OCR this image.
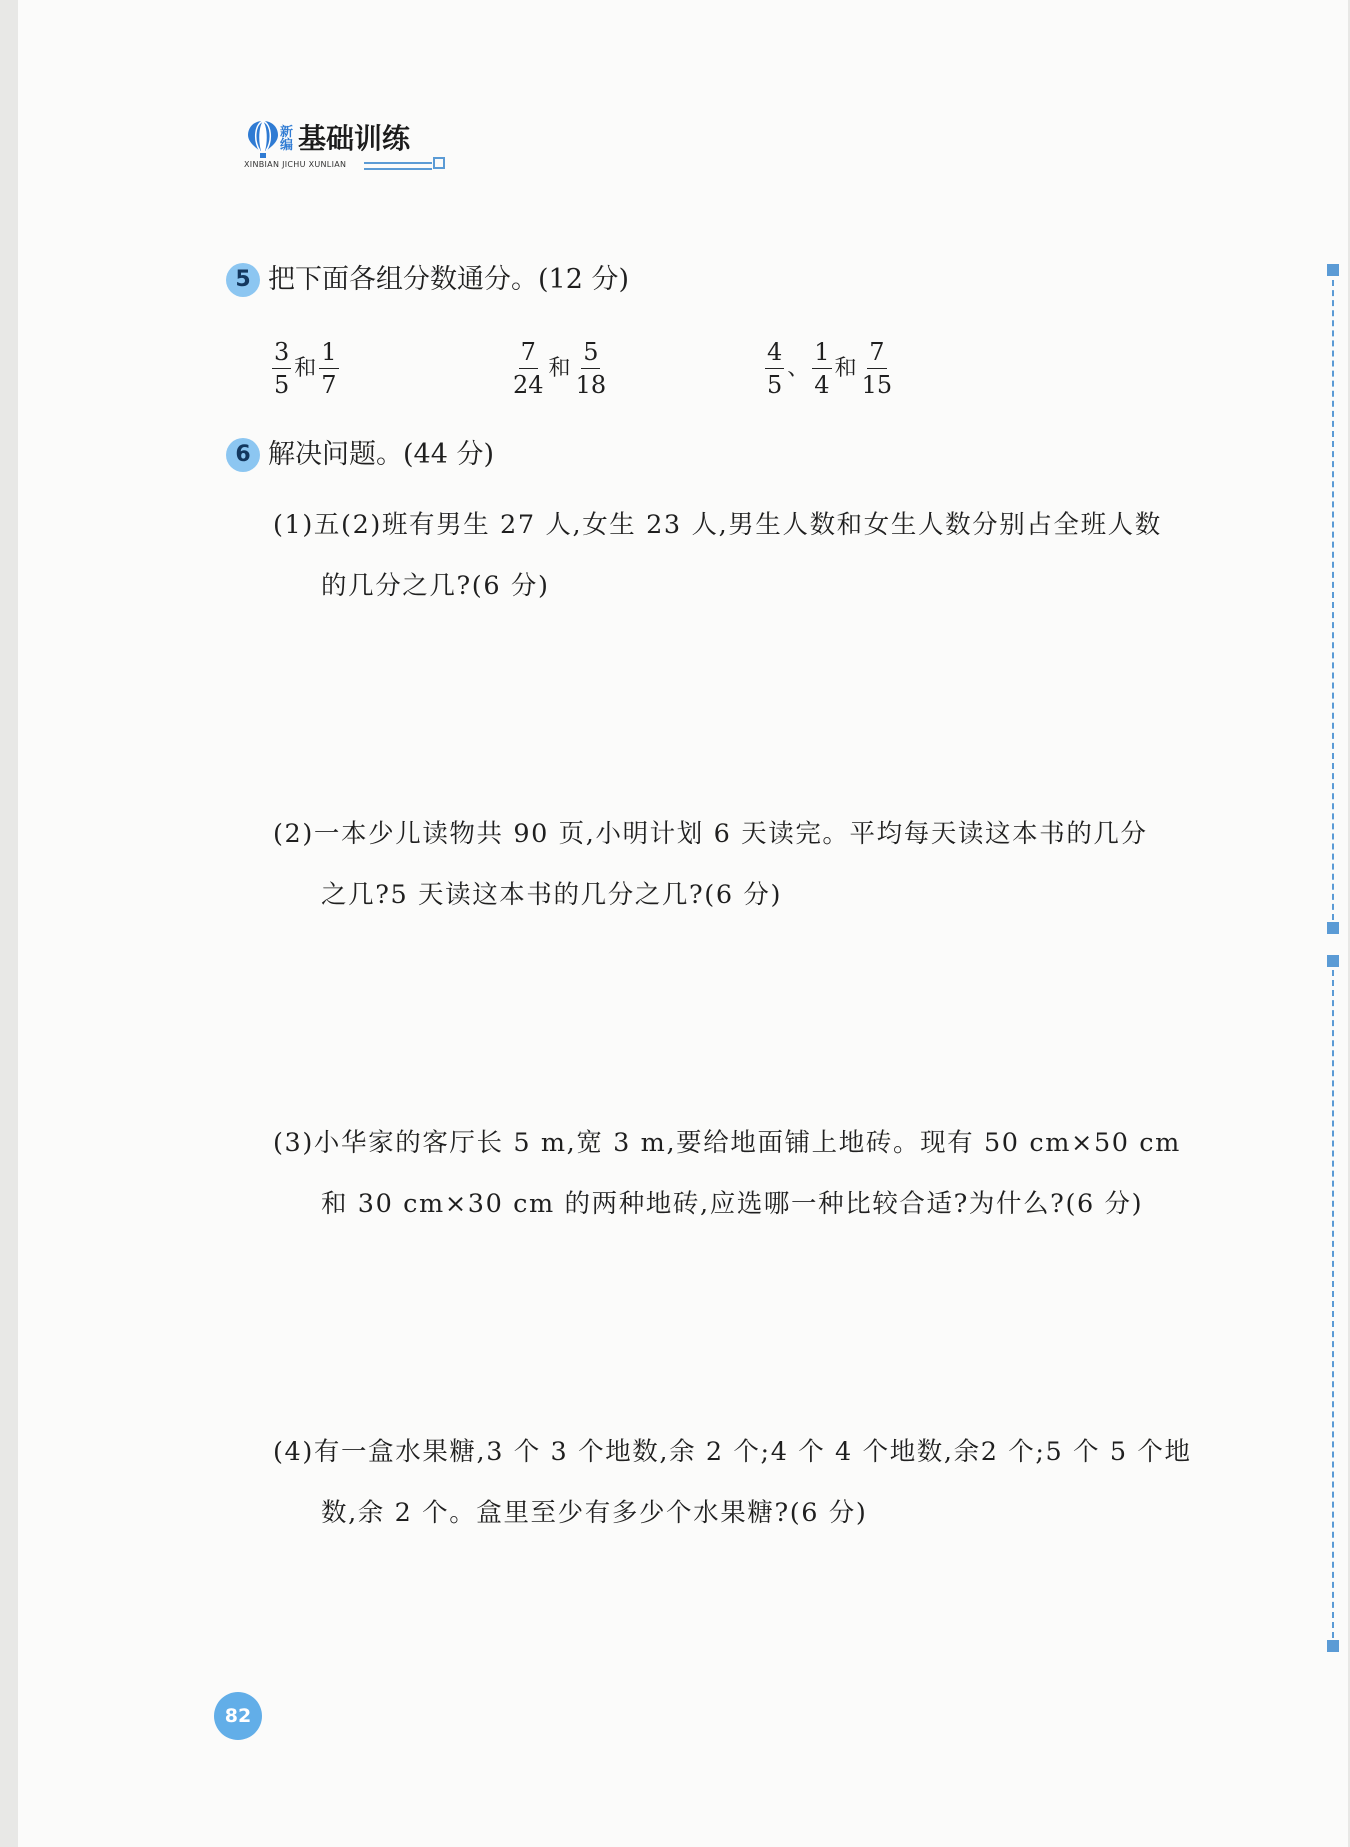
新编 基础训练
XINBIAN JICHU XUNLIAN
5 把下面各组分数通分。(12 分)
$\frac{3}{5}$ 和 $\frac{1}{7}$	$\frac{7}{24}$ 和 $\frac{5}{18}$	$\frac{4}{5}$ 、 $\frac{1}{4}$ 和 $\frac{7}{15}$
6 解决问题。(44 分)
(1)五(2)班有男生 27 人,女生 23 人,男生人数和女生人数分别占全班人数
的几分之几?(6 分)
(2)一本少儿读物共 90 页,小明计划 6 天读完。平均每天读这本书的几分
之几?5 天读这本书的几分之几?(6 分)
(3)小华家的客厅长 5 m,宽 3 m,要给地面铺上地砖。现有 50 cm×50 cm
和 30 cm×30 cm 的两种地砖,应选哪一种比较合适?为什么?(6 分)
(4)有一盒水果糖,3 个 3 个地数,余 2 个;4 个 4 个地数,余2 个;5 个 5 个地
数,余 2 个。盒里至少有多少个水果糖?(6 分)
82
